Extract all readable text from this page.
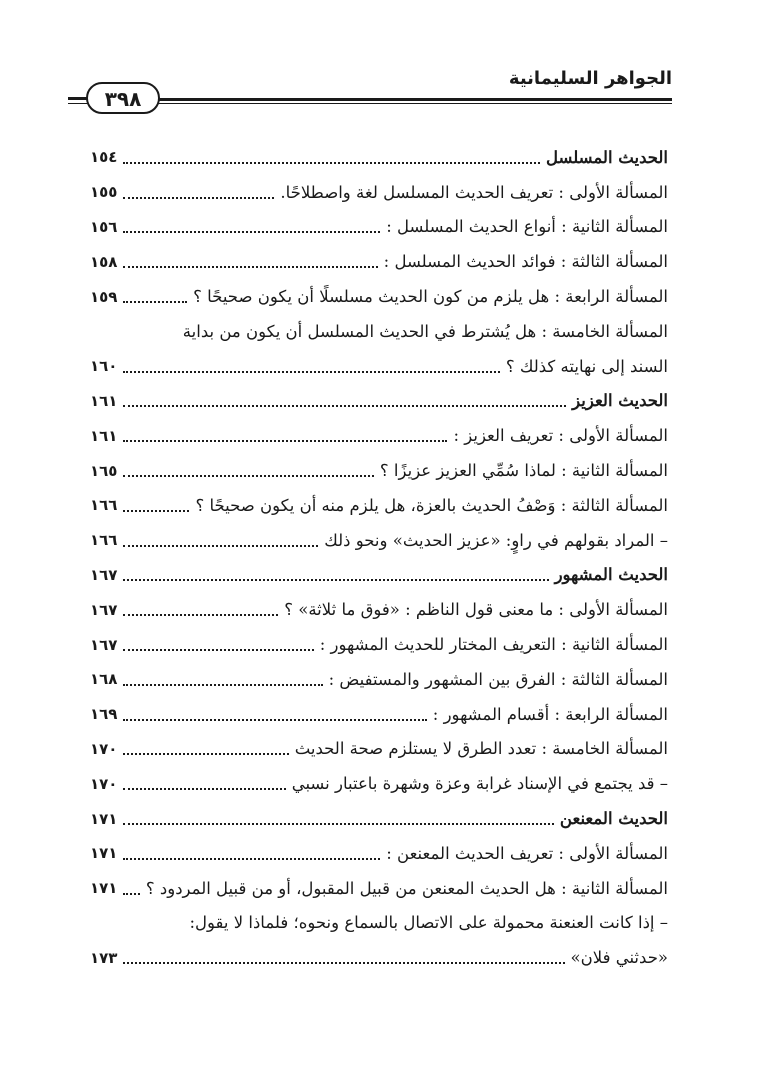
الجواهر السليمانية
٣٩٨
الحديث المسلسل
١٥٤
المسألة الأولى : تعريف الحديث المسلسل لغة واصطلاحًا.
١٥٥
المسألة الثانية : أنواع الحديث المسلسل :
١٥٦
المسألة الثالثة : فوائد الحديث المسلسل :
١٥٨
المسألة الرابعة : هل يلزم من كون الحديث مسلسلًا أن يكون صحيحًا ؟
١٥٩
المسألة الخامسة : هل يُشترط في الحديث المسلسل أن يكون من بداية
السند إلى نهايته كذلك ؟
١٦٠
الحديث العزيز
١٦١
المسألة الأولى : تعريف العزيز :
١٦١
المسألة الثانية : لماذا سُمِّي العزيز عزيزًا ؟
١٦٥
المسألة الثالثة : وَصْفُ الحديث بالعزة، هل يلزم منه أن يكون صحيحًا ؟
١٦٦
– المراد بقولهم في راوٍ: «عزيز الحديث» ونحو ذلك
١٦٦
الحديث المشهور
١٦٧
المسألة الأولى : ما معنى قول الناظم : «فوق ما ثلاثة» ؟
١٦٧
المسألة الثانية : التعريف المختار للحديث المشهور :
١٦٧
المسألة الثالثة : الفرق بين المشهور والمستفيض :
١٦٨
المسألة الرابعة : أقسام المشهور :
١٦٩
المسألة الخامسة : تعدد الطرق لا يستلزم صحة الحديث
١٧٠
– قد يجتمع في الإسناد غرابة وعزة وشهرة باعتبار نسبي
١٧٠
الحديث المعنعن
١٧١
المسألة الأولى : تعريف الحديث المعنعن :
١٧١
المسألة الثانية : هل الحديث المعنعن من قبيل المقبول، أو من قبيل المردود ؟
١٧١
– إذا كانت العنعنة محمولة على الاتصال بالسماع ونحوه؛ فلماذا لا يقول:
«حدثني فلان»
١٧٣
